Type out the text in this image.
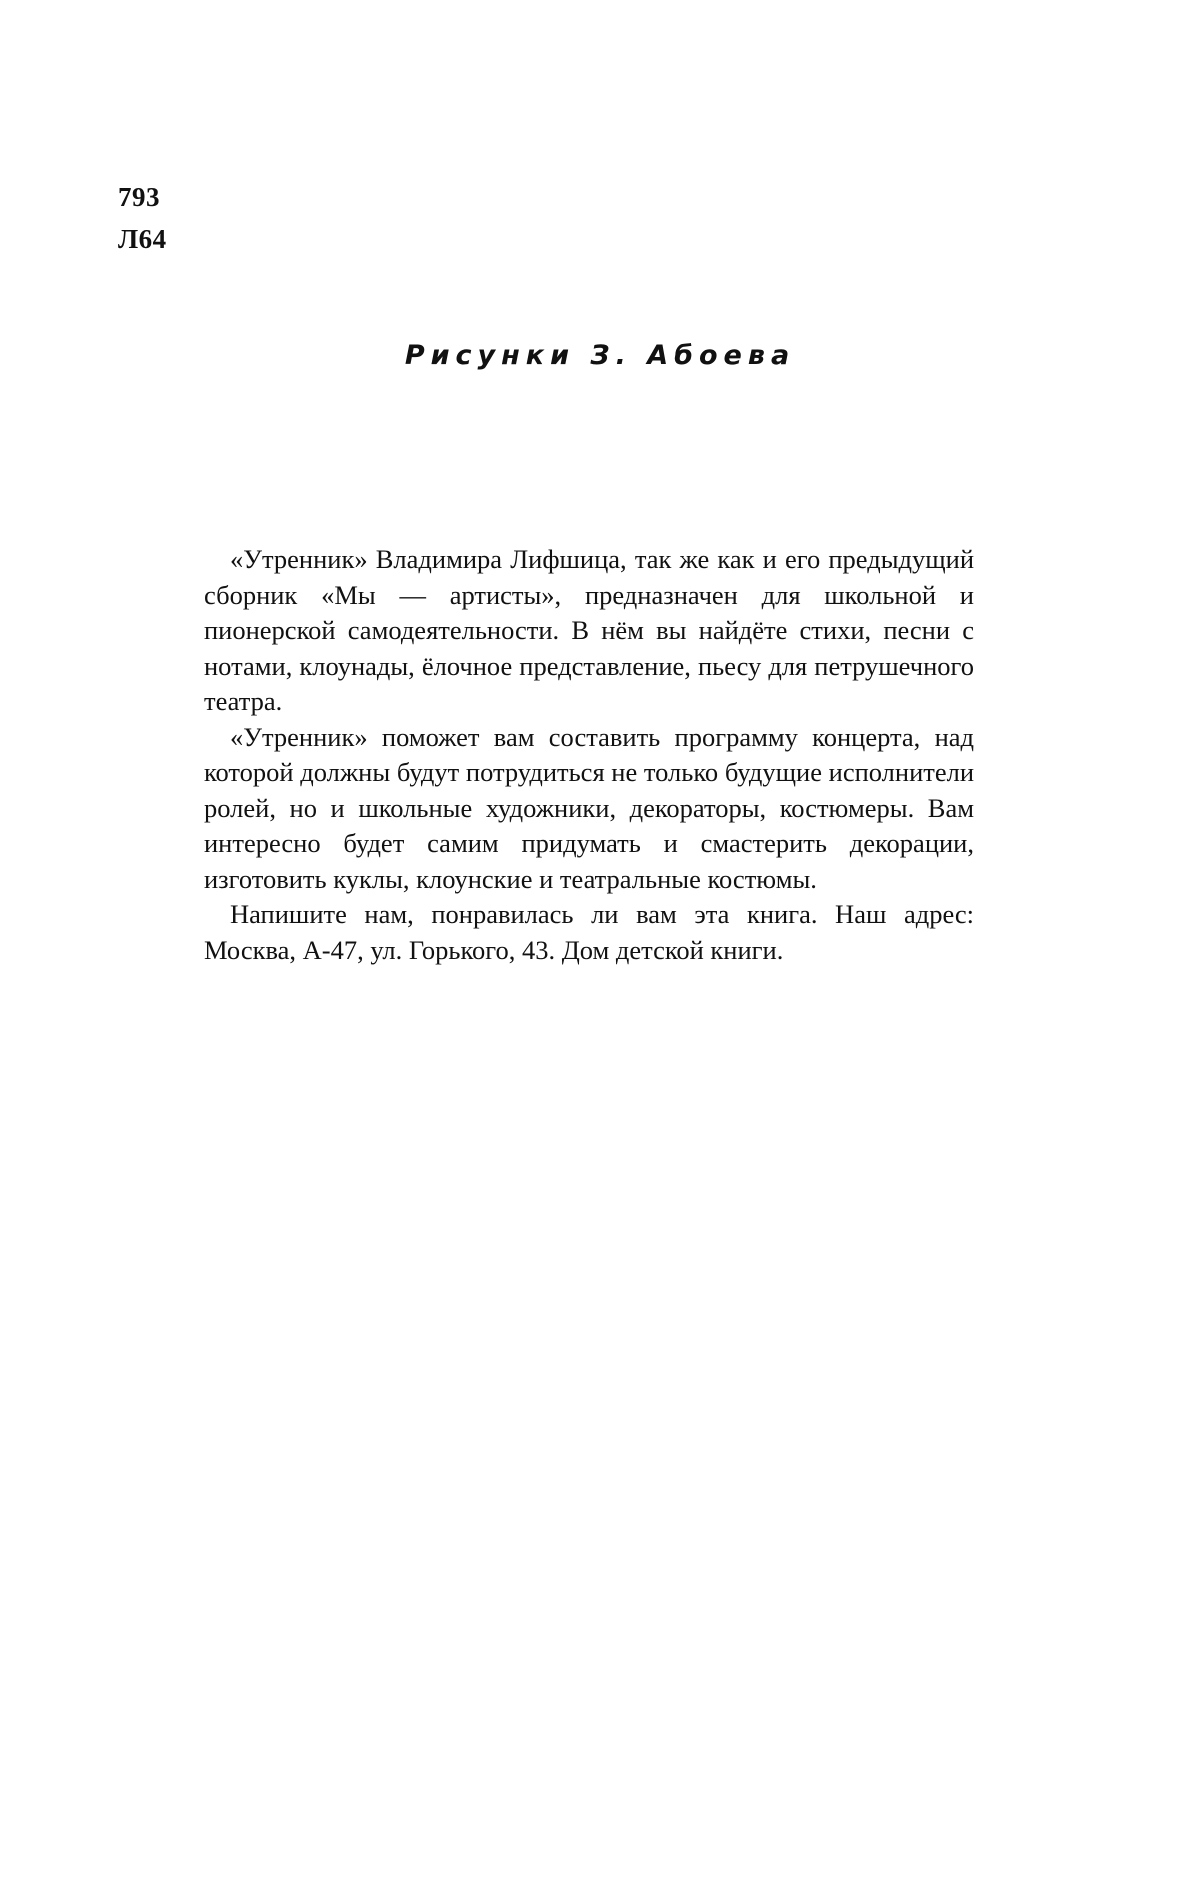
793
Л64
Рисунки З. Абоева

«Утренник» Владимира Лифшица, так же как и его предыдущий сборник «Мы — артисты», предназначен для школьной и пионерской самодеятельности. В нём вы найдёте стихи, песни с нотами, клоунады, ёлочное представление, пьесу для петрушечного театра.

«Утренник» поможет вам составить программу концерта, над которой должны будут потрудиться не только будущие исполнители ролей, но и школьные художники, декораторы, костюмеры. Вам интересно будет самим придумать и смастерить декорации, изготовить куклы, клоунские и театральные костюмы.

Напишите нам, понравилась ли вам эта книга. Наш адрес: Москва, А-47, ул. Горького, 43. Дом детской книги.
